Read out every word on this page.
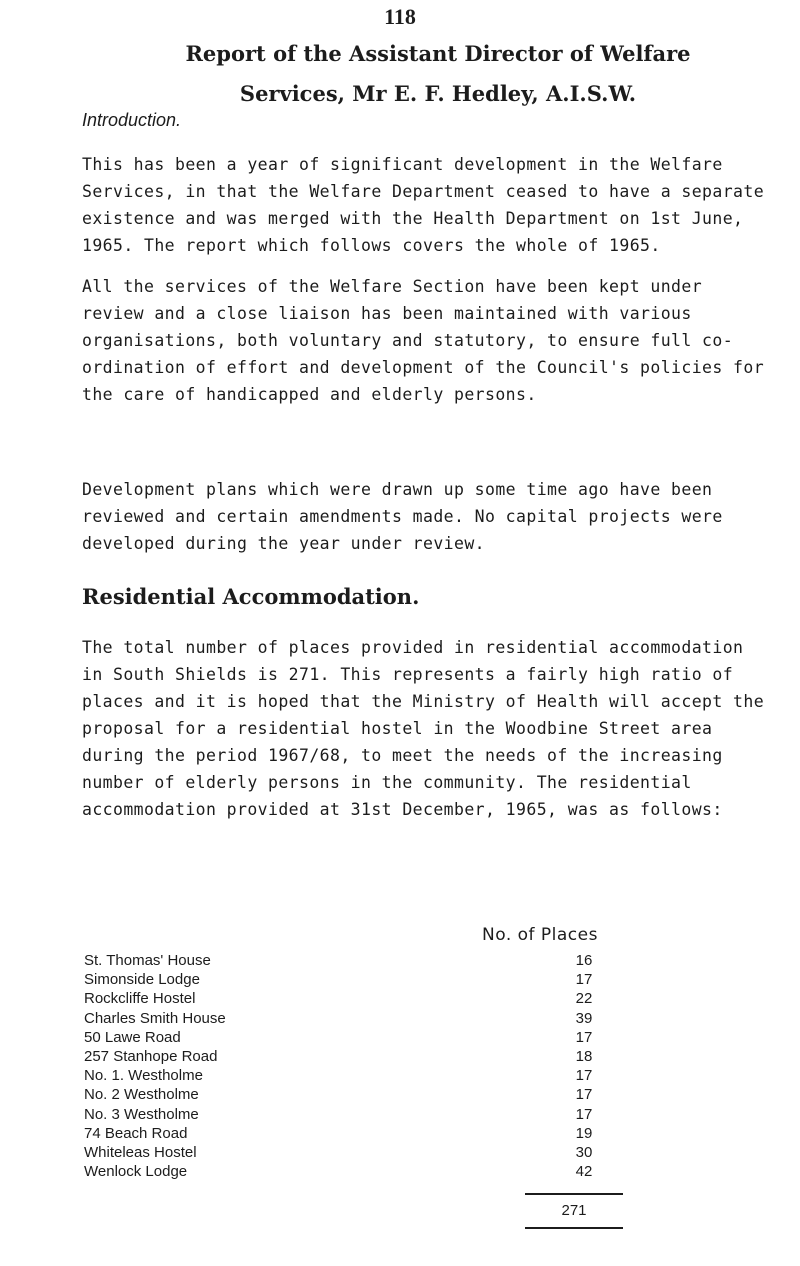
118
Report of the Assistant Director of Welfare
Services, Mr E. F. Hedley, A.I.S.W.
Introduction.

This has been a year of significant development in the Welfare Services, in that the Welfare Department ceased to have a separate existence and was merged with the Health Department on 1st June, 1965. The report which follows covers the whole of 1965.

All the services of the Welfare Section have been kept under review and a close liaison has been maintained with various organisations, both voluntary and statutory, to ensure full co-ordination of effort and development of the Council's policies for the care of handicapped and elderly persons.

Development plans which were drawn up some time ago have been reviewed and certain amendments made. No capital projects were developed during the year under review.

Residential Accommodation.

The total number of places provided in residential accommodation in South Shields is 271. This represents a fairly high ratio of places and it is hoped that the Ministry of Health will accept the proposal for a residential hostel in the Woodbine Street area during the period 1967/68, to meet the needs of the increasing number of elderly persons in the community. The residential accommodation provided at 31st December, 1965, was as follows:

No. of Places
St. Thomas' House	16
Simonside Lodge	17
Rockcliffe Hostel	22
Charles Smith House	39
50 Lawe Road	17
257 Stanhope Road	18
No. 1. Westholme	17
No. 2 Westholme	17
No. 3 Westholme	17
74 Beach Road	19
Whiteleas Hostel	30
Wenlock Lodge	42
271
